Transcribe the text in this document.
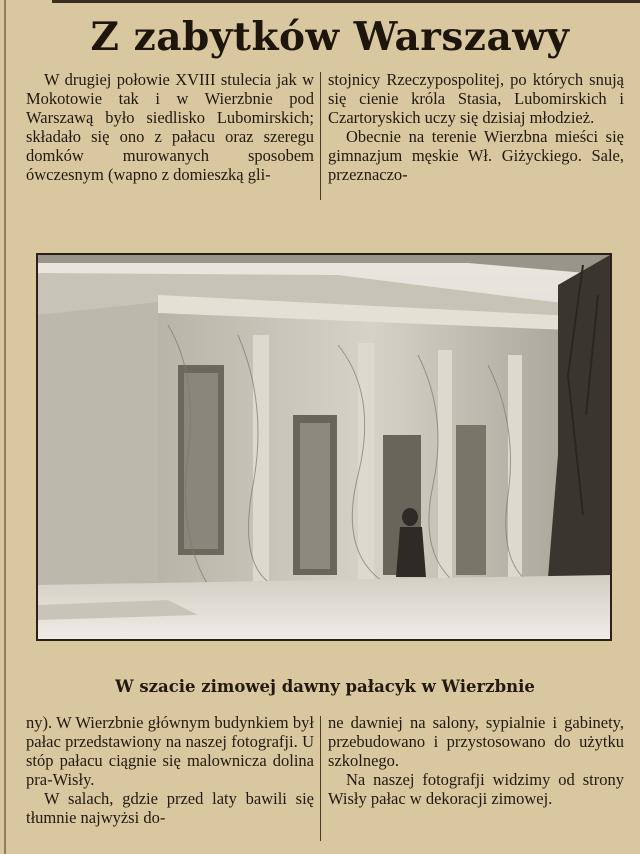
Z zabytków Warszawy

W drugiej połowie XVIII stulecia jak w Mokotowie tak i w Wierzbnie pod Warszawą było siedlisko Lubomirskich; składało się ono z pałacu oraz szeregu domków murowanych sposobem ówczesnym (wapno z domieszką gli-

stojnicy Rzeczypospolitej, po których snują się cienie króla Stasia, Lubomirskich i Czartoryskich uczy się dzisiaj młodzież.

Obecnie na terenie Wierzbna mieści się gimnazjum męskie Wł. Giżyckiego. Sale, przeznaczo-

W szacie zimowej dawny pałacyk w Wierzbnie

ny). W Wierzbnie głównym budynkiem był pałac przedstawiony na naszej fotografji. U stóp pałacu ciągnie się malownicza dolina pra-Wisły.

W salach, gdzie przed laty bawili się tłumnie najwyżsi do-

ne dawniej na salony, sypialnie i gabinety, przebudowano i przystosowano do użytku szkolnego.

Na naszej fotografji widzimy od strony Wisły pałac w dekoracji zimowej.
